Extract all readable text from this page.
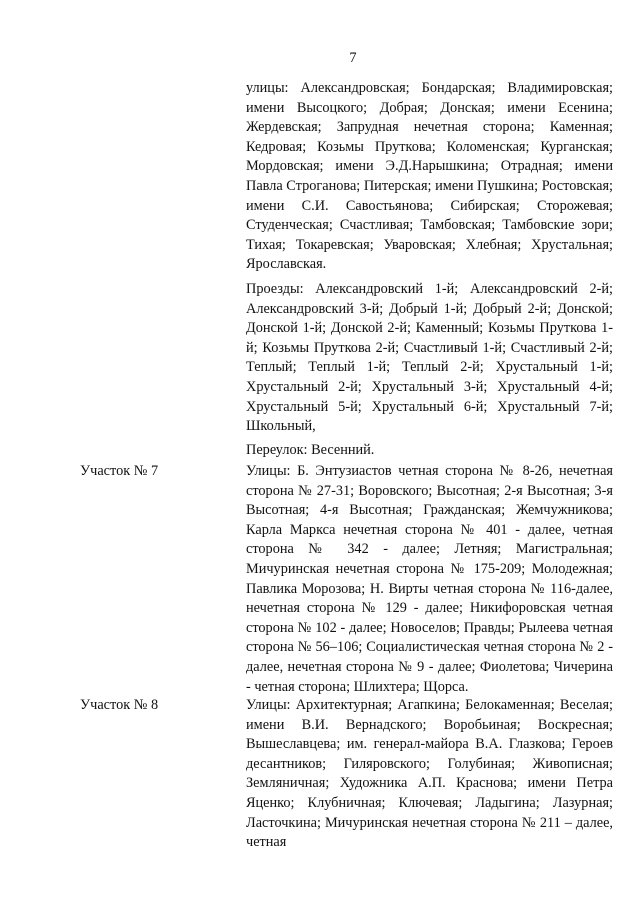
7

улицы: Александровская; Бондарская; Владимировская; имени Высоцкого; Добрая; Донская; имени Есенина; Жердевская; Запрудная нечетная сторона; Каменная; Кедровая; Козьмы Пруткова; Коломенская; Курганская; Мордовская; имени Э.Д.Нарышкина; Отрадная; имени Павла Строганова; Питерская; имени Пушкина; Ростовская; имени С.И. Савостьянова; Сибирская; Сторожевая; Студенческая; Счастливая; Тамбовская; Тамбовские зори; Тихая; Токаревская; Уваровская; Хлебная; Хрустальная; Ярославская.

Проезды: Александровский 1-й; Александровский 2-й; Александровский 3-й; Добрый 1-й; Добрый 2-й; Донской; Донской 1-й; Донской 2-й; Каменный; Козьмы Пруткова 1-й; Козьмы Пруткова 2-й; Счастливый 1-й; Счастливый 2-й; Теплый; Теплый 1-й; Теплый 2-й; Хрустальный 1-й; Хрустальный 2-й; Хрустальный 3-й; Хрустальный 4-й; Хрустальный 5-й; Хрустальный 6-й; Хрустальный 7-й; Школьный,

Переулок: Весенний.

Участок № 7	Улицы: Б. Энтузиастов четная сторона № 8-26, нечетная сторона № 27-31; Воровского; Высотная; 2-я Высотная; 3-я Высотная; 4-я Высотная; Гражданская; Жемчужникова; Карла Маркса нечетная сторона № 401 - далее, четная сторона № 342 - далее; Летняя; Магистральная; Мичуринская нечетная сторона № 175-209; Молодежная; Павлика Морозова; Н. Вирты четная сторона № 116-далее, нечетная сторона № 129 - далее; Никифоровская четная сторона № 102 - далее; Новоселов; Правды; Рылеева четная сторона № 56–106; Социалистическая четная сторона № 2 - далее, нечетная сторона № 9 - далее; Фиолетова; Чичерина - четная сторона; Шлихтера; Щорса.

Участок № 8	Улицы: Архитектурная; Агапкина; Белокаменная; Веселая; имени В.И. Вернадского; Воробьиная; Воскресная; Вышеславцева; им. генерал-майора В.А. Глазкова; Героев десантников; Гиляровского; Голубиная; Живописная; Земляничная; Художника А.П. Краснова; имени Петра Яценко; Клубничная; Ключевая; Ладыгина; Лазурная; Ласточкина; Мичуринская нечетная сторона № 211 – далее, четная
